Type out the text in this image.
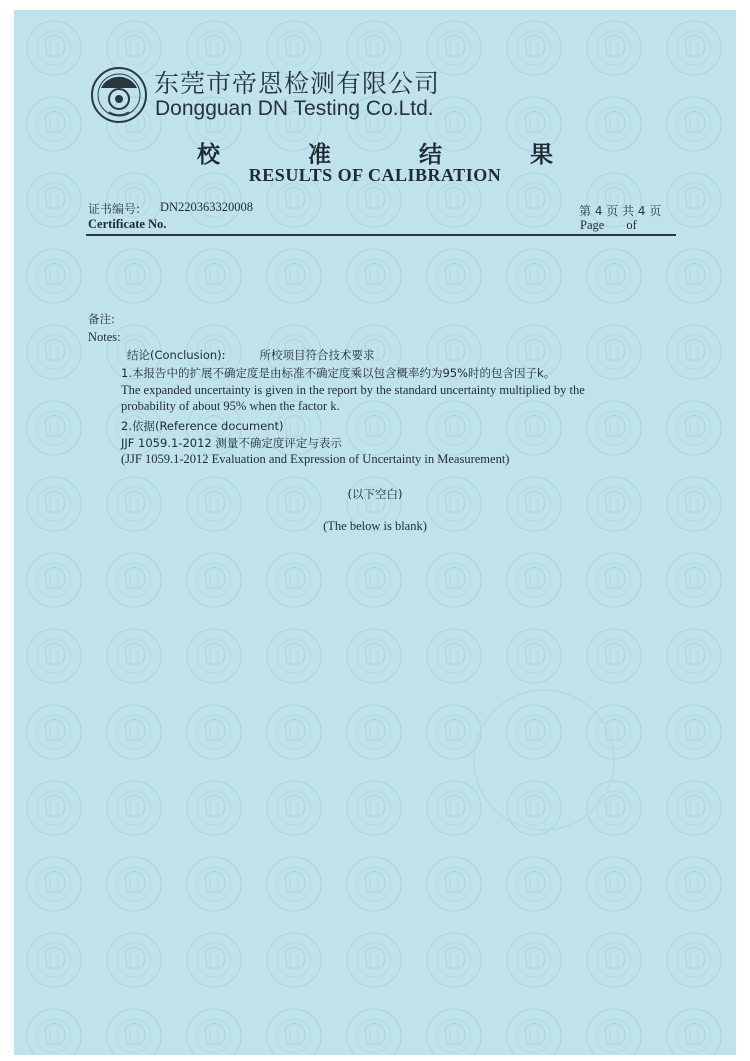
东莞市帝恩检测有限公司
Dongguan DN Testing Co.Ltd.
校 准 结 果
RESULTS OF CALIBRATION
证书编号: DN220363320008
Certificate No.
第 4 页 共 4 页
Page of
备注:
Notes:
结论(Conclusion):	所校项目符合技术要求
1.本报告中的扩展不确定度是由标准不确定度乘以包含概率约为95%时的包含因子k。
The expanded uncertainty is given in the report by the standard uncertainty multiplied by the
probability of about 95% when the factor k.
2.依据(Reference document)
JJF 1059.1-2012 测量不确定度评定与表示
(JJF 1059.1-2012 Evaluation and Expression of Uncertainty in Measurement)
(以下空白)
(The below is blank)
